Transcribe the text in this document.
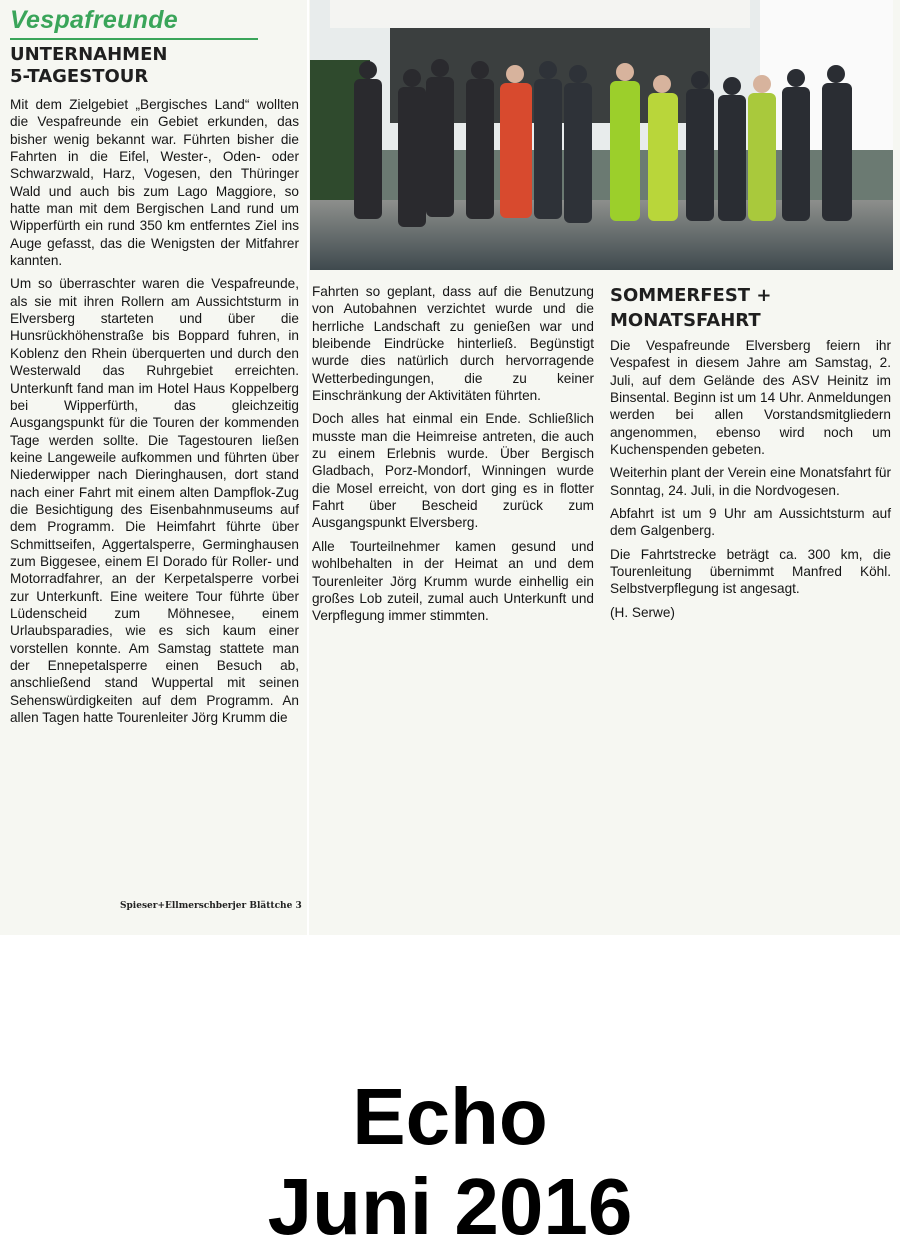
Vespafreunde
UNTERNAHMEN
5-TAGESTOUR

Mit dem Zielgebiet „Bergisches Land“ wollten die Vespafreunde ein Gebiet erkunden, das bisher wenig bekannt war. Führten bisher die Fahrten in die Eifel, Wester-, Oden- oder Schwarzwald, Harz, Vogesen, den Thüringer Wald und auch bis zum Lago Maggiore, so hatte man mit dem Bergischen Land rund um Wipperfürth ein rund 350 km entferntes Ziel ins Auge gefasst, das die Wenigsten der Mitfahrer kannten.

Um so überraschter waren die Vespafreunde, als sie mit ihren Rollern am Aussichtsturm in Elversberg starteten und über die Hunsrückhöhenstraße bis Boppard fuhren, in Koblenz den Rhein überquerten und durch den Westerwald das Ruhrgebiet erreichten. Unterkunft fand man im Hotel Haus Koppelberg bei Wipperfürth, das gleichzeitig Ausgangspunkt für die Touren der kommenden Tage werden sollte. Die Tagestouren ließen keine Langeweile aufkommen und führten über Niederwipper nach Dieringhausen, dort stand nach einer Fahrt mit einem alten Dampflok-Zug die Besichtigung des Eisenbahnmuseums auf dem Programm. Die Heimfahrt führte über Schmittseifen, Aggertalsperre, Germinghausen zum Biggesee, einem El Dorado für Roller- und Motorradfahrer, an der Kerpetalsperre vorbei zur Unterkunft. Eine weitere Tour führte über Lüdenscheid zum Möhnesee, einem Urlaubsparadies, wie es sich kaum einer vorstellen konnte. Am Samstag stattete man der Ennepetalsperre einen Besuch ab, anschließend stand Wuppertal mit seinen Sehenswürdigkeiten auf dem Programm. An allen Tagen hatte Tourenleiter Jörg Krumm die

Fahrten so geplant, dass auf die Benutzung von Autobahnen verzichtet wurde und die herrliche Landschaft zu genießen war und bleibende Eindrücke hinterließ. Begünstigt wurde dies natürlich durch hervorragende Wetterbedingungen, die zu keiner Einschränkung der Aktivitäten führten.

Doch alles hat einmal ein Ende. Schließlich musste man die Heimreise antreten, die auch zu einem Erlebnis wurde. Über Bergisch Gladbach, Porz-Mondorf, Winningen wurde die Mosel erreicht, von dort ging es in flotter Fahrt über Bescheid zurück zum Ausgangspunkt Elversberg.

Alle Tourteilnehmer kamen gesund und wohlbehalten in der Heimat an und dem Tourenleiter Jörg Krumm wurde einhellig ein großes Lob zuteil, zumal auch Unterkunft und Verpflegung immer stimmten.

SOMMERFEST +
MONATSFAHRT

Die Vespafreunde Elversberg feiern ihr Vespafest in diesem Jahre am Samstag, 2. Juli, auf dem Gelände des ASV Heinitz im Binsental. Beginn ist um 14 Uhr. Anmeldungen werden bei allen Vorstandsmitgliedern angenommen, ebenso wird noch um Kuchenspenden gebeten.

Weiterhin plant der Verein eine Monatsfahrt für Sonntag, 24. Juli, in die Nordvogesen.

Abfahrt ist um 9 Uhr am Aussichtsturm auf dem Galgenberg.

Die Fahrtstrecke beträgt ca. 300 km, die Tourenleitung übernimmt Manfred Köhl. Selbstverpflegung ist angesagt.

(H. Serwe)

Spieser+Ellmerschberjer Blättche 3
Echo
Juni 2016
